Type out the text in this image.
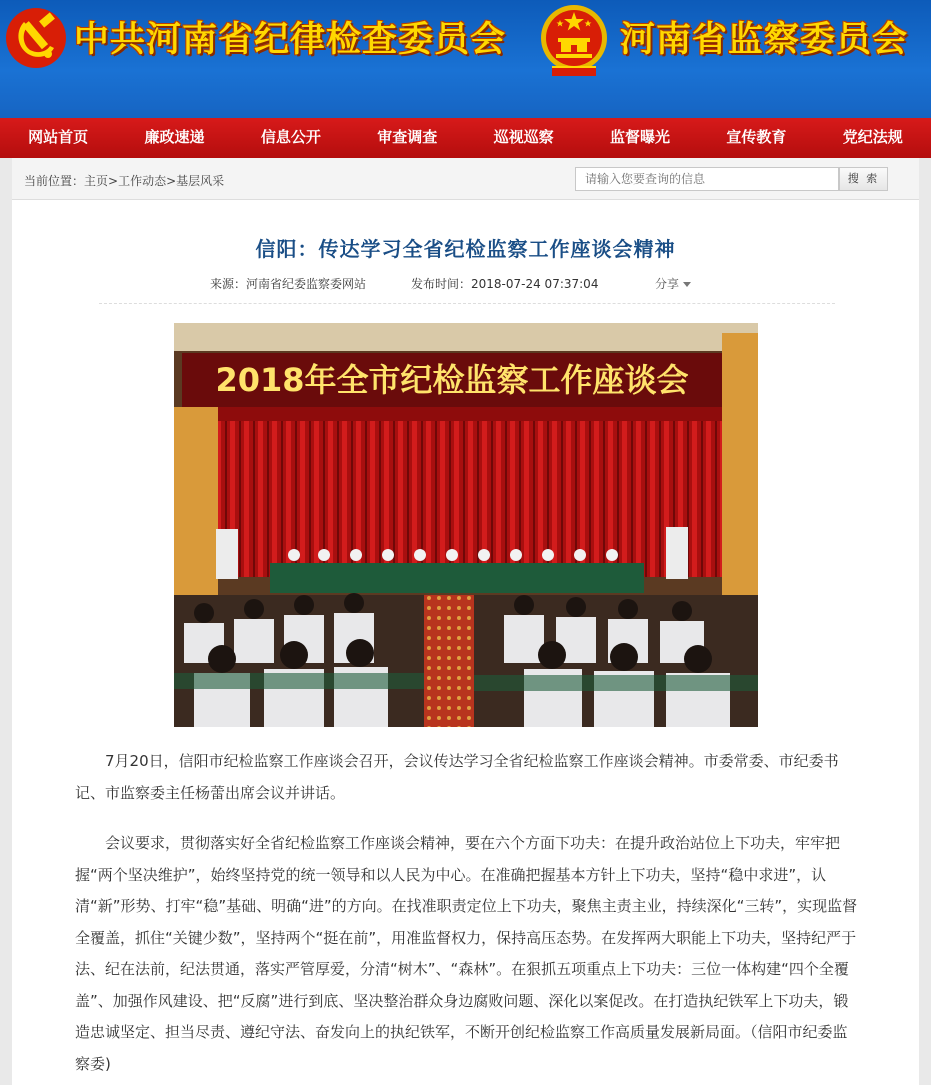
中共河南省纪律检查委员会	河南省监察委员会
网站首页	廉政速递	信息公开	审查调查	巡视巡察	监督曝光	宣传教育	党纪法规
当前位置：主页>工作动态>基层风采
请输入您要查询的信息	搜 索
信阳：传达学习全省纪检监察工作座谈会精神
来源：河南省纪委监察委网站	发布时间：2018-07-24 07:37:04	分享
2018年全市纪检监察工作座谈会

7月20日，信阳市纪检监察工作座谈会召开，会议传达学习全省纪检监察工作座谈会精神。市委常委、市纪委书记、市监察委主任杨蕾出席会议并讲话。

会议要求，贯彻落实好全省纪检监察工作座谈会精神，要在六个方面下功夫：在提升政治站位上下功夫，牢牢把握“两个坚决维护”，始终坚持党的统一领导和以人民为中心。在准确把握基本方针上下功夫，坚持“稳中求进”，认清“新”形势、打牢“稳”基础、明确“进”的方向。在找准职责定位上下功夫，聚焦主责主业，持续深化“三转”，实现监督全覆盖，抓住“关键少数”，坚持两个“挺在前”，用准监督权力，保持高压态势。在发挥两大职能上下功夫，坚持纪严于法、纪在法前，纪法贯通，落实严管厚爱，分清“树木”、“森林”。在狠抓五项重点上下功夫：三位一体构建“四个全覆盖”、加强作风建设、把“反腐”进行到底、坚决整治群众身边腐败问题、深化以案促改。在打造执纪铁军上下功夫，锻造忠诚坚定、担当尽责、遵纪守法、奋发向上的执纪铁军，不断开创纪检监察工作高质量发展新局面。（信阳市纪委监察委)
